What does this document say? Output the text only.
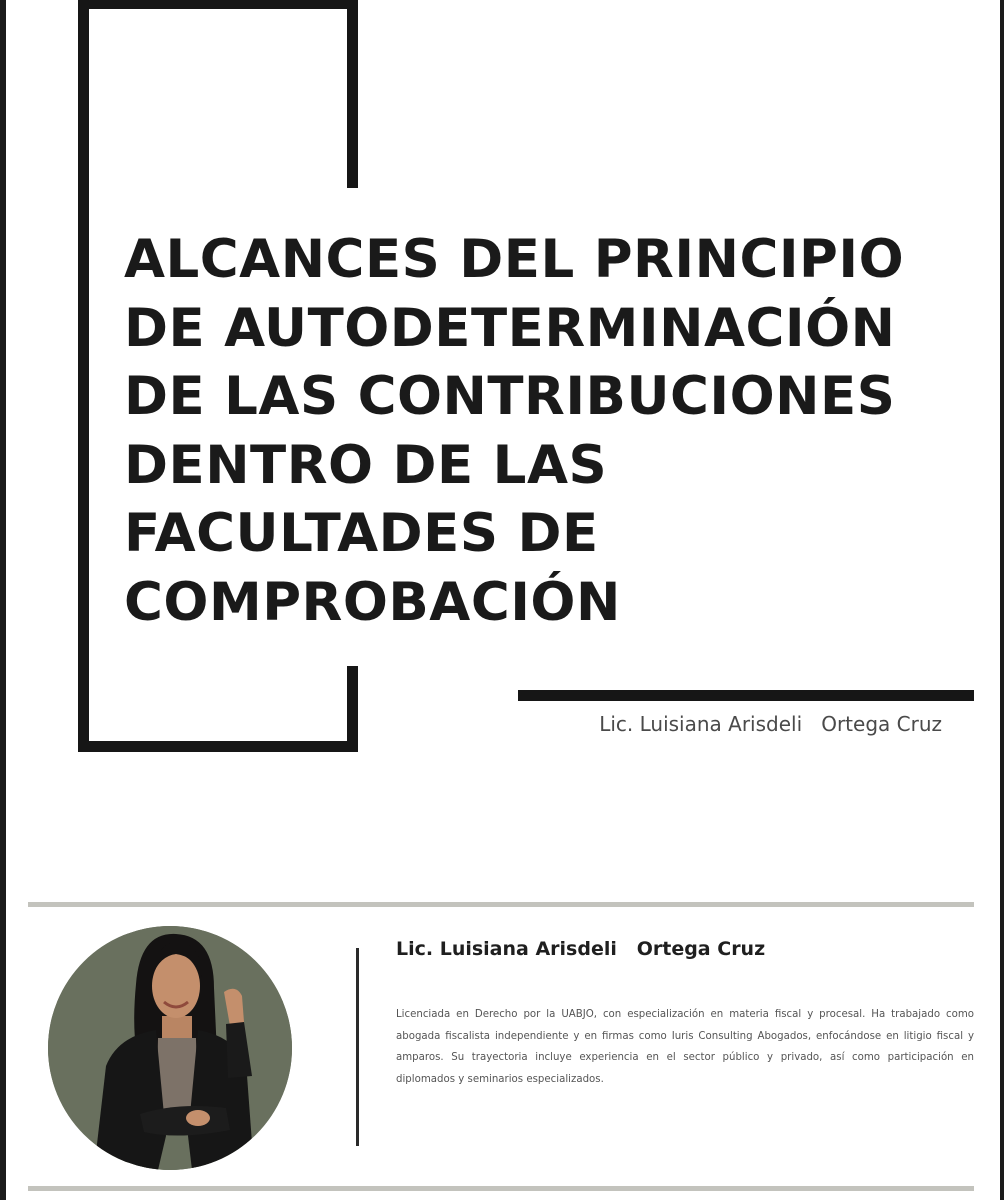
ALCANCES DEL PRINCIPIO
DE AUTODETERMINACIÓN
DE LAS CONTRIBUCIONES
DENTRO DE LAS
FACULTADES DE
COMPROBACIÓN
Lic. Luisiana Arisdeli   Ortega Cruz
Lic. Luisiana Arisdeli   Ortega Cruz

Licenciada en Derecho por la UABJO, con especialización en materia fiscal y procesal. Ha trabajado como abogada fiscalista independiente y en firmas como Iuris Consulting Abogados, enfocándose en litigio fiscal y amparos. Su trayectoria incluye experiencia en el sector público y privado, así como participación en diplomados y seminarios especializados.
